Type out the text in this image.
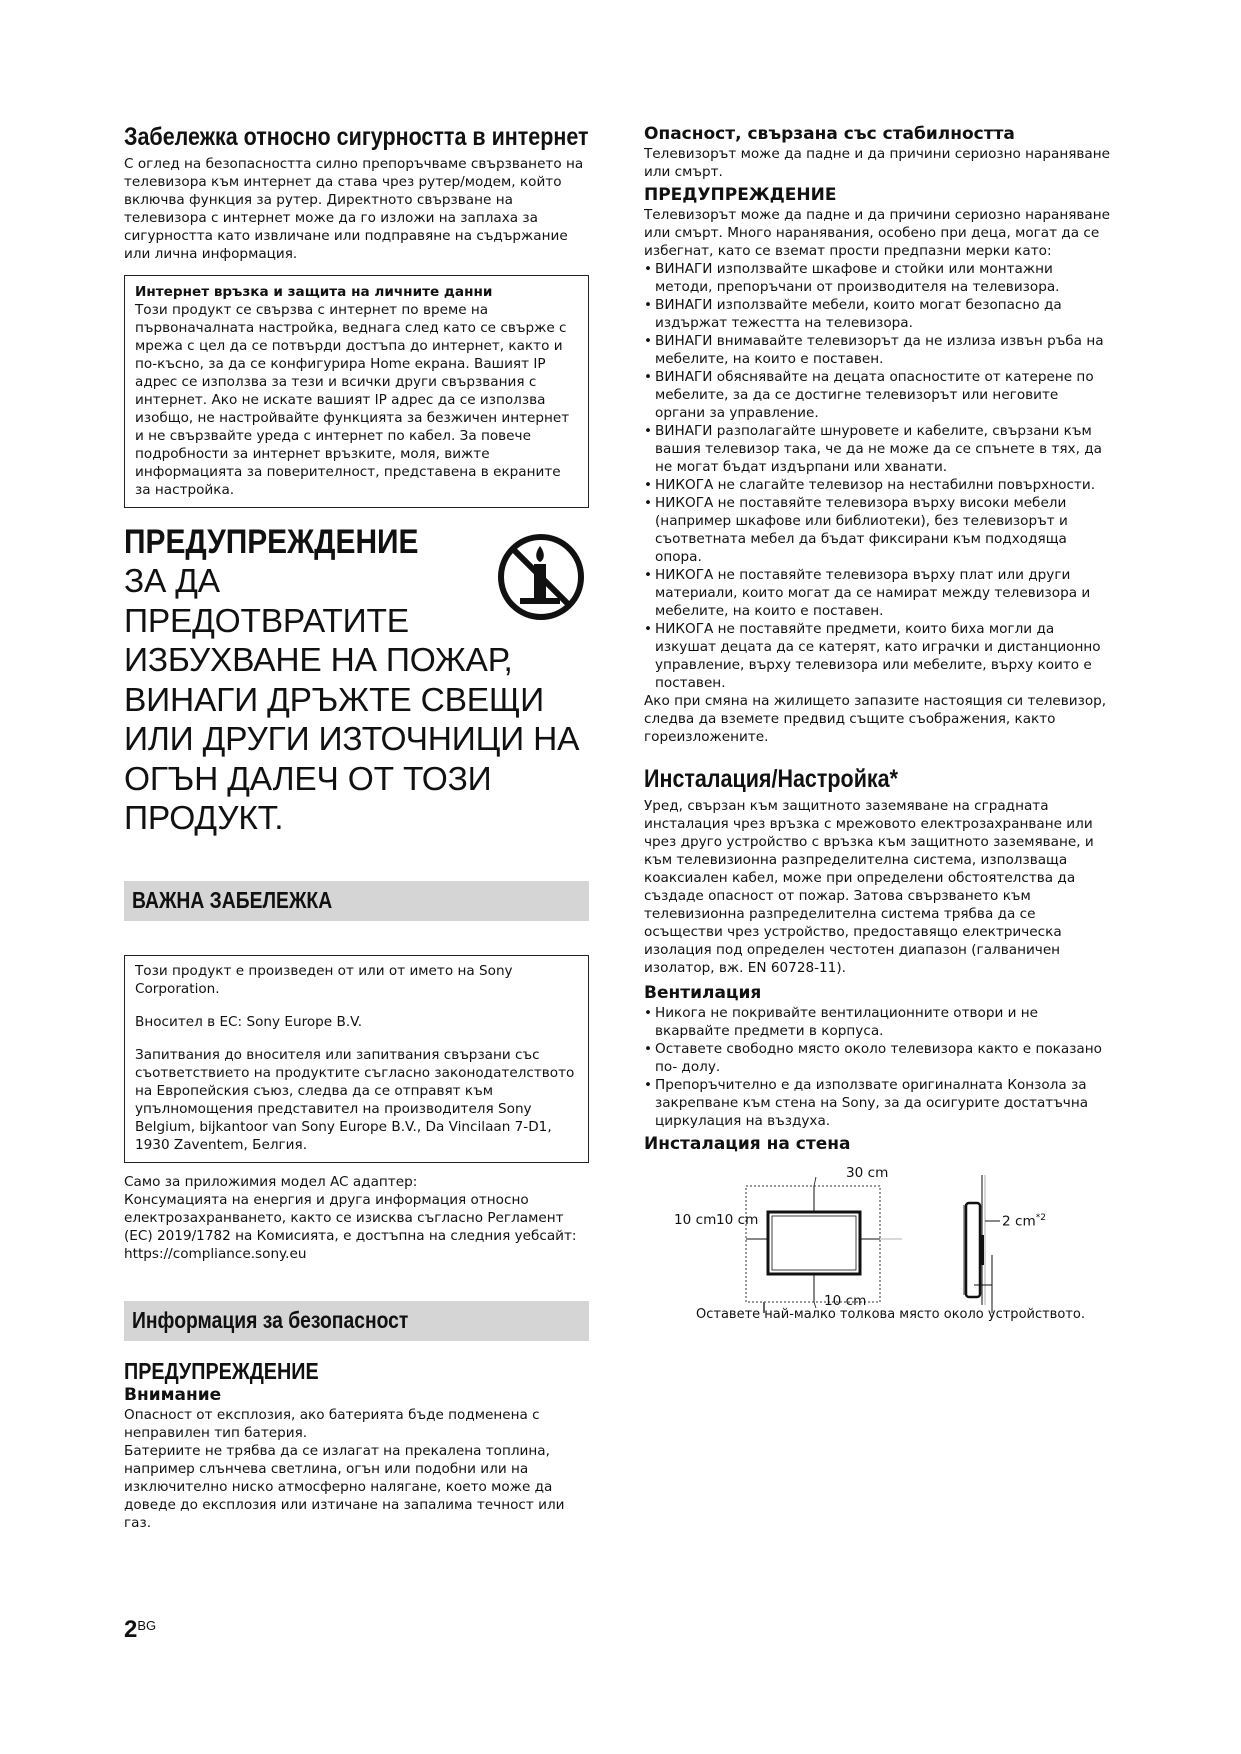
Забележка относно сигурността в интернет

С оглед на безопасността силно препоръчваме свързването на телевизора към интернет да става чрез рутер/модем, който включва функция за рутер. Директното свързване на телевизора с интернет може да го изложи на заплаха за сигурността като извличане или подправяне на съдържание или лична информация.

Интернет връзка и защита на личните данни

Този продукт се свързва с интернет по време на първоначалната настройка, веднага след като се свърже с мрежа с цел да се потвърди достъпа до интернет, както и по-късно, за да се конфигурира Home екрана. Вашият IP адрес се използва за тези и всички други свързвания с интернет. Ако не искате вашият IP адрес да се използва изобщо, не настройвайте функцията за безжичен интернет и не свързвайте уреда с интернет по кабел. За повече подробности за интернет връзките, моля, вижте информацията за поверителност, представена в екраните за настройка.

ПРЕДУПРЕЖДЕНИЕ
ЗА ДА
ПРЕДОТВРАТИТЕ
ИЗБУХВАНЕ НА ПОЖАР,
ВИНАГИ ДРЪЖТЕ СВЕЩИ
ИЛИ ДРУГИ ИЗТОЧНИЦИ НА
ОГЪН ДАЛЕЧ ОТ ТОЗИ
ПРОДУКТ.
ВАЖНА ЗАБЕЛЕЖКА

Този продукт е произведен от или от името на Sony Corporation.

Вносител в ЕС: Sony Europe B.V.

Запитвания до вносителя или запитвания свързани със съответствието на продуктите съгласно законодателството на Европейския съюз, следва да се отправят към упълномощения представител на производителя Sony Belgium, bijkantoor van Sony Europe B.V., Da Vincilaan 7-D1, 1930 Zaventem, Белгия.

Само за приложимия модел AC адаптер:

Консумацията на енергия и друга информация относно електрозахранването, както се изисква съгласно Регламент (ЕС) 2019/1782 на Комисията, е достъпна на следния уебсайт: https://compliance.sony.eu

Информация за безопасност
ПРЕДУПРЕЖДЕНИЕ
Внимание

Опасност от експлозия, ако батерията бъде подменена с неправилен тип батерия.

Батериите не трябва да се излагат на прекалена топлина, например слънчева светлина, огън или подобни или на изключително ниско атмосферно налягане, което може да доведе до експлозия или изтичане на запалима течност или газ.

Опасност, свързана със стабилността

Телевизорът може да падне и да причини сериозно нараняване или смърт.

ПРЕДУПРЕЖДЕНИЕ

Телевизорът може да падне и да причини сериозно нараняване или смърт. Много наранявания, особено при деца, могат да се избегнат, като се вземат прости предпазни мерки като:

• ВИНАГИ използвайте шкафове и стойки или монтажни методи, препоръчани от производителя на телевизора.
• ВИНАГИ използвайте мебели, които могат безопасно да издържат тежестта на телевизора.
• ВИНАГИ внимавайте телевизорът да не излиза извън ръба на мебелите, на които е поставен.
• ВИНАГИ обяснявайте на децата опасностите от катерене по мебелите, за да се достигне телевизорът или неговите органи за управление.
• ВИНАГИ разполагайте шнуровете и кабелите, свързани към вашия телевизор така, че да не може да се спънете в тях, да не могат бъдат издърпани или хванати.
• НИКОГА не слагайте телевизор на нестабилни повърхности.
• НИКОГА не поставяйте телевизора върху високи мебели (например шкафове или библиотеки), без телевизорът и съответната мебел да бъдат фиксирани към подходяща опора.
• НИКОГА не поставяйте телевизора върху плат или други материали, които могат да се намират между телевизора и мебелите, на които е поставен.
• НИКОГА не поставяйте предмети, които биха могли да изкушат децата да се катерят, като играчки и дистанционно управление, върху телевизора или мебелите, върху които е поставен.

Ако при смяна на жилището запазите настоящия си телевизор, следва да вземете предвид същите съображения, както гореизложените.

Инсталация/Настройка*

Уред, свързан към защитното заземяване на сградната инсталация чрез връзка с мрежовото електрозахранване или чрез друго устройство с връзка към защитното заземяване, и към телевизионна разпределителна система, използваща коаксиален кабел, може при определени обстоятелства да създаде опасност от пожар. Затова свързването към телевизионна разпределителна система трябва да се осъществи чрез устройство, предоставящо електрическа изолация под определен честотен диапазон (галваничен изолатор, вж. EN 60728-11).

Вентилация
• Никога не покривайте вентилационните отвори и не вкарвайте предмети в корпуса.
• Оставете свободно място около телевизора както е показано по- долу.
• Препоръчително е да използвате оригиналната Конзола за закрепване към стена на Sony, за да осигурите достатъчна циркулация на въздуха.
Инсталация на стена
30 cm
10 cm 10 cm
10 cm
2 $cm^{*2}$
Оставете най-малко толкова място около устройството.
$2^{BG}$
